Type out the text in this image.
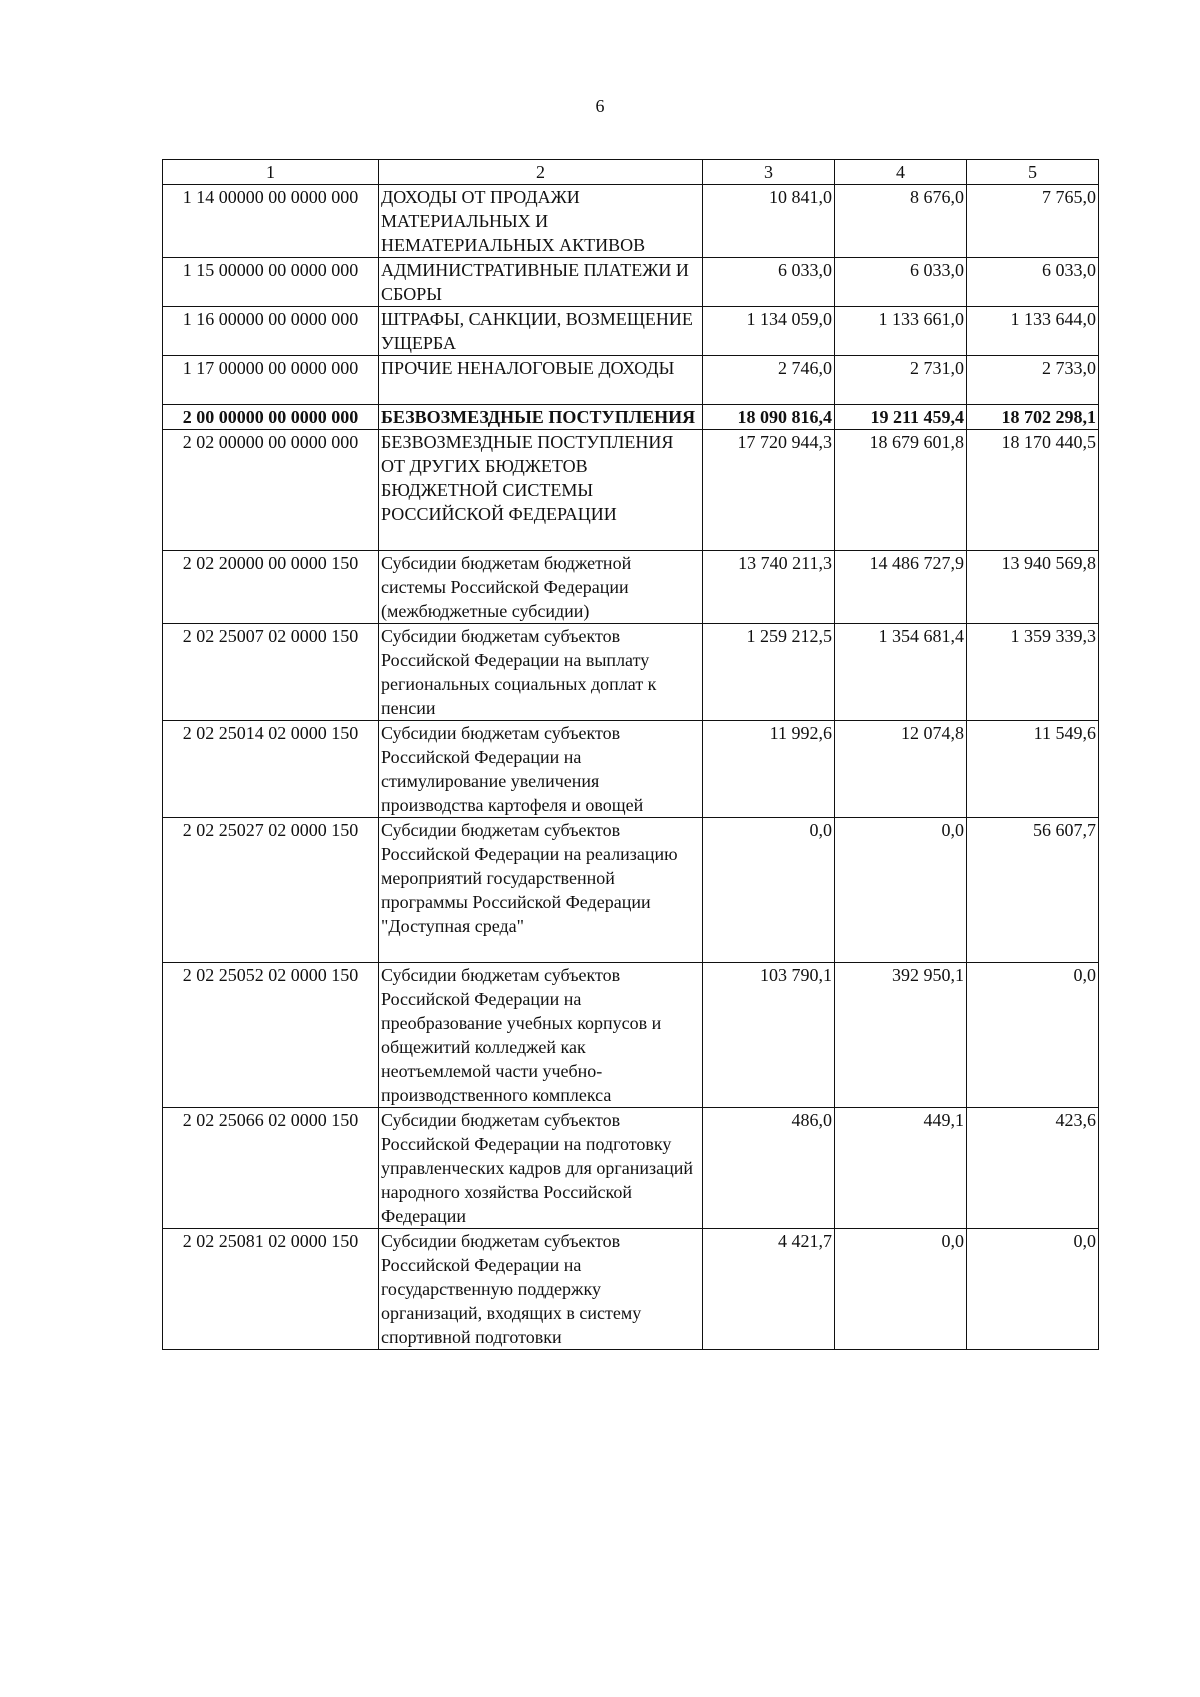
6
1	2	3	4	5
1 14 00000 00 0000 000	ДОХОДЫ ОТ ПРОДАЖИ МАТЕРИАЛЬНЫХ И НЕМАТЕРИАЛЬНЫХ АКТИВОВ	10 841,0	8 676,0	7 765,0
1 15 00000 00 0000 000	АДМИНИСТРАТИВНЫЕ ПЛАТЕЖИ И СБОРЫ	6 033,0	6 033,0	6 033,0
1 16 00000 00 0000 000	ШТРАФЫ, САНКЦИИ, ВОЗМЕЩЕНИЕ УЩЕРБА	1 134 059,0	1 133 661,0	1 133 644,0
1 17 00000 00 0000 000	ПРОЧИЕ НЕНАЛОГОВЫЕ ДОХОДЫ	2 746,0	2 731,0	2 733,0
2 00 00000 00 0000 000	БЕЗВОЗМЕЗДНЫЕ ПОСТУПЛЕНИЯ	18 090 816,4	19 211 459,4	18 702 298,1
2 02 00000 00 0000 000	БЕЗВОЗМЕЗДНЫЕ ПОСТУПЛЕНИЯ ОТ ДРУГИХ БЮДЖЕТОВ БЮДЖЕТНОЙ СИСТЕМЫ РОССИЙСКОЙ ФЕДЕРАЦИИ	17 720 944,3	18 679 601,8	18 170 440,5
2 02 20000 00 0000 150	Субсидии бюджетам бюджетной системы Российской Федерации (межбюджетные субсидии)	13 740 211,3	14 486 727,9	13 940 569,8
2 02 25007 02 0000 150	Субсидии бюджетам субъектов Российской Федерации на выплату региональных социальных доплат к пенсии	1 259 212,5	1 354 681,4	1 359 339,3
2 02 25014 02 0000 150	Субсидии бюджетам субъектов Российской Федерации на стимулирование увеличения производства картофеля и овощей	11 992,6	12 074,8	11 549,6
2 02 25027 02 0000 150	Субсидии бюджетам субъектов Российской Федерации на реализацию мероприятий государственной программы Российской Федерации "Доступная среда"	0,0	0,0	56 607,7
2 02 25052 02 0000 150	Субсидии бюджетам субъектов Российской Федерации на преобразование учебных корпусов и общежитий колледжей как неотъемлемой части учебно-производственного комплекса	103 790,1	392 950,1	0,0
2 02 25066 02 0000 150	Субсидии бюджетам субъектов Российской Федерации на подготовку управленческих кадров для организаций народного хозяйства Российской Федерации	486,0	449,1	423,6
2 02 25081 02 0000 150	Субсидии бюджетам субъектов Российской Федерации на государственную поддержку организаций, входящих в систему спортивной подготовки	4 421,7	0,0	0,0
